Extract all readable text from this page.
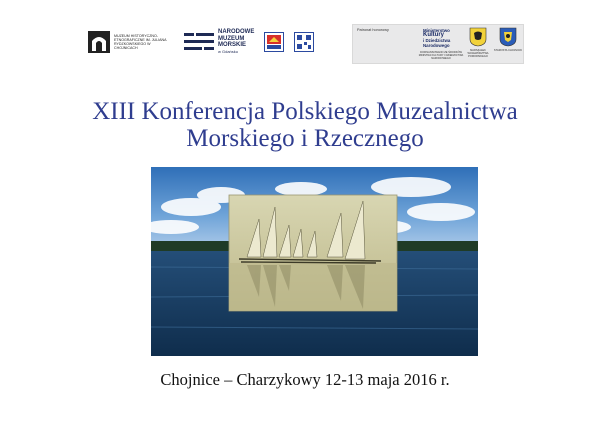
MUZEUM HISTORYCZNO-ETNOGRAFICZNE IM. JULIANA RYDZKOWSKIEGO W CHOJNICACH
NARODOWE
MUZEUM
MORSKIE
w Gdańsku
Patronat honorowy	Ministerstwo
Kultury
i Dziedzictwa
Narodowego
DOFINANSOWANO ZE ŚRODKÓW MINISTRA KULTURY I DZIEDZICTWA NARODOWEGO
MARSZAŁEK WOJEWÓDZTWA POMORSKIEGO
STAROSTA CHOJNICKI
XIII Konferencja Polskiego Muzealnictwa
Morskiego i Rzecznego
Chojnice – Charzykowy 12-13 maja 2016 r.
